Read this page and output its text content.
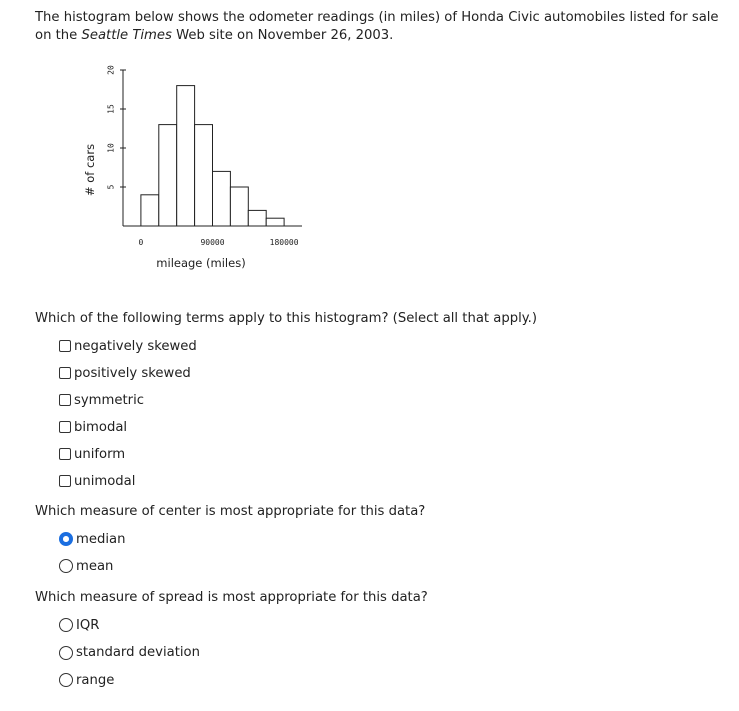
The histogram below shows the odometer readings (in miles) of Honda Civic automobiles listed for sale on the Seattle Times Web site on November 26, 2003.
5
10
15
20
0	90000	180000
# of cars
mileage (miles)
Which of the following terms apply to this histogram? (Select all that apply.)
negatively skewed
positively skewed
symmetric
bimodal
uniform
unimodal
Which measure of center is most appropriate for this data?
median
mean
Which measure of spread is most appropriate for this data?
IQR
standard deviation
range
